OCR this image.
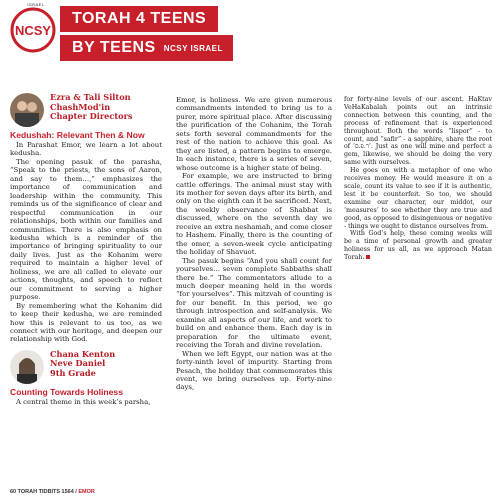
ISRAEL
NCSY
TORAH 4 TEENS
BY TEENS	NCSY ISRAEL
Ezra & Tali Silton
ChashMod'in
Chapter Directors
Kedushah: Relevant Then & Now

In Parashat Emor, we learn a lot about kedusha.

The opening pasuk of the parasha, “Speak to the priests, the sons of Aaron, and say to them…,” emphasizes the importance of communication and leadership within the community. This reminds us of the significance of clear and respectful communication in our relationships, both within our families and communities. There is also emphasis on kedusha which is a reminder of the importance of bringing spirituality to our daily lives. Just as the Kohanim were required to maintain a higher level of holiness, we are all called to elevate our actions, thoughts, and speech to reflect our commitment to serving a higher purpose.

By remembering what the Kohanim did to keep their kedusha, we are reminded how this is relevant to us too, as we connect with our heritage, and deepen our relationship with God.

Chana Kenton
Neve Daniel
9th Grade
Counting Towards Holiness

A central theme in this week’s parsha,

Emor, is holiness. We are given numerous commandments intended to bring us to a purer, more spiritual place. After discussing the purification of the Cohanim, the Torah sets forth several commandments for the rest of the nation to achieve this goal. As they are listed, a pattern begins to emerge. In each instance, there is a series of seven, whose outcome is a higher state of being.

For example, we are instructed to bring cattle offerings. The animal must stay with its mother for seven days after its birth, and only on the eighth can it be sacrificed. Next, the weekly observance of Shabbat is discussed, where on the seventh day we receive an extra neshamah, and come closer to Hashem. Finally, there is the counting of the omer, a seven-week cycle anticipating the holiday of Shavuot.

The pasuk begins “And you shall count for yourselves… seven complete Sabbaths shall there be.” The commentators allude to a much deeper meaning held in the words “for yourselves”. This mitzvah of counting is for our benefit. In this period, we go through introspection and self-analysis. We examine all aspects of our life, and work to build on and enhance them. Each day is in preparation for the ultimate event, receiving the Torah and divine revelation.

When we left Egypt, our nation was at the forty-ninth level of impurity. Starting from Pesach, the holiday that commemorates this event, we bring ourselves up. Forty-nine days,

for forty-nine levels of our ascent. HaKtav VeHaKabalah points out an intrinsic connection between this counting, and the process of refinement that is experienced throughout. Both the words “lispor” - to count, and “safir” - a sapphire, share the root of ‘ר.פ.ס’. Just as one will mine and perfect a gem, likewise, we should be doing the very same with ourselves.

He goes on with a metaphor of one who receives money. He would measure it on a scale, count its value to see if it is authentic, lest it be counterfeit. So too, we should examine our character, our middot, our ‘measures’ to see whether they are true and good, as opposed to disingenuous or negative - things we ought to distance ourselves from.

With God’s help, these coming weeks will be a time of personal growth and greater holiness for us all, as we approach Matan Torah.

60 TORAH TIDBITS 1564 / EMOR
